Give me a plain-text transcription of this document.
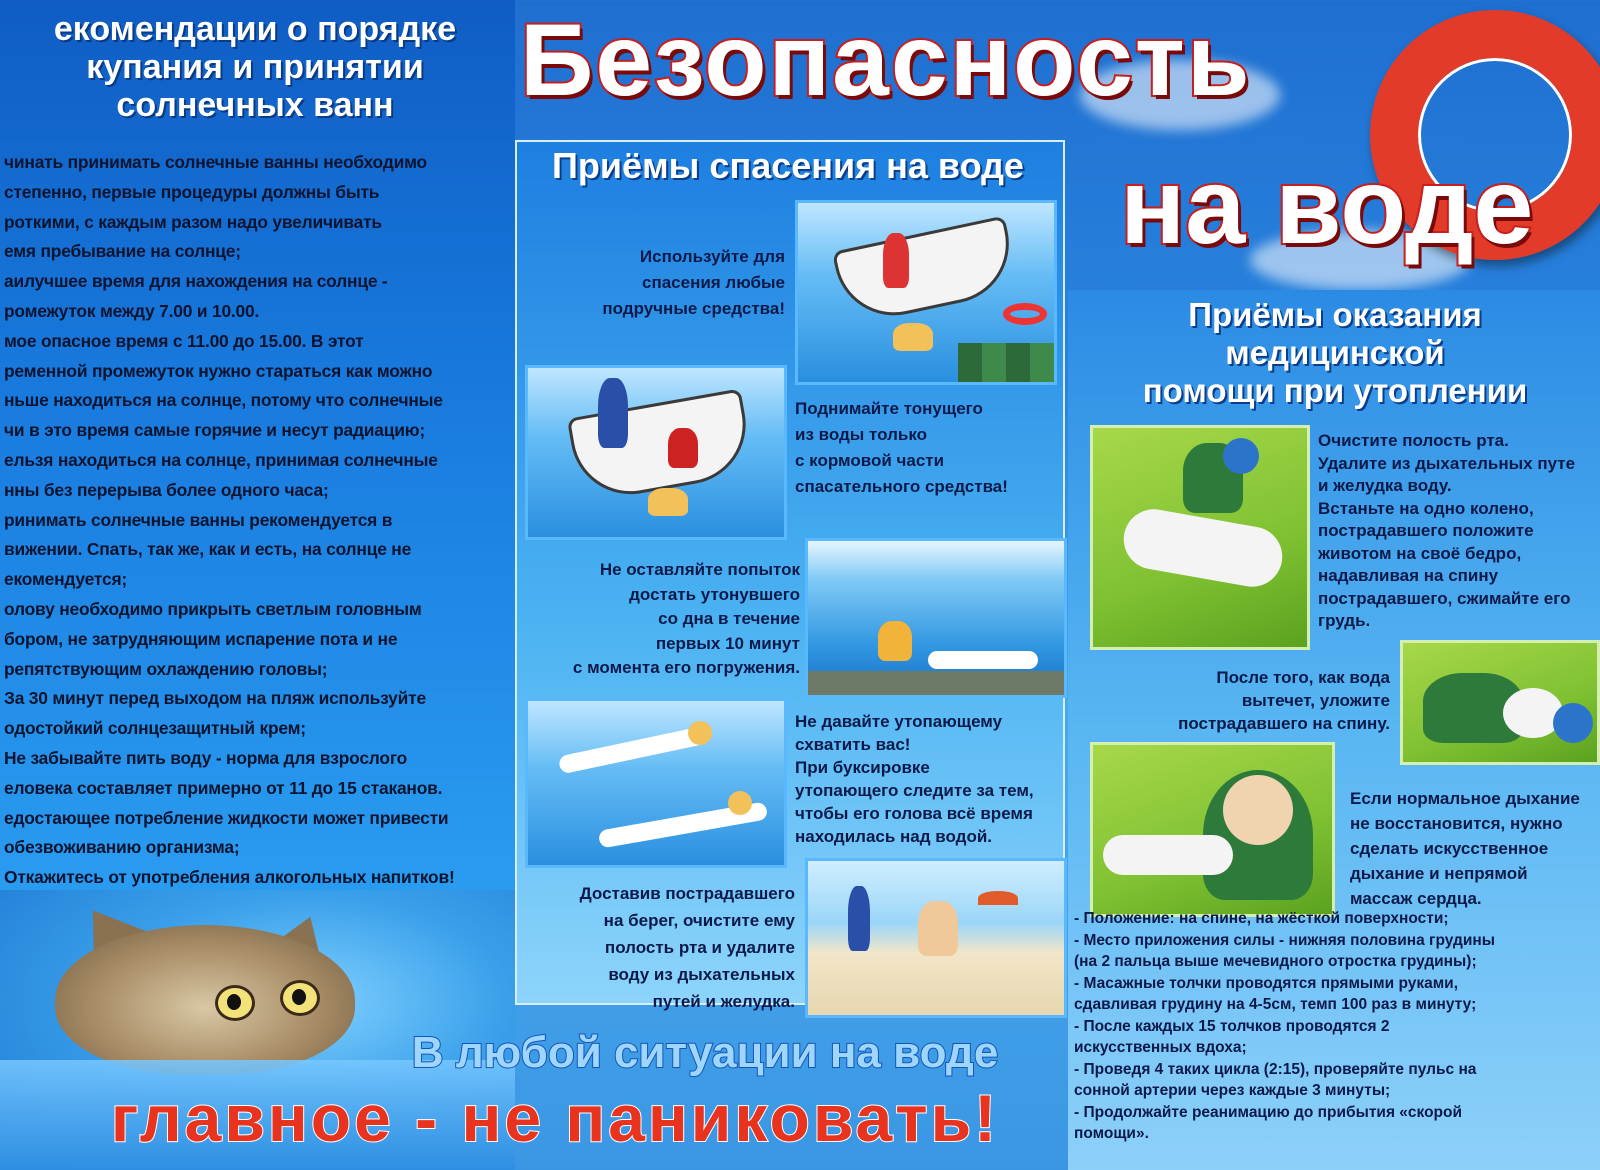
екомендации о порядке
купания и принятии
солнечных ванн
чинать принимать солнечные ванны необходимо
степенно, первые процедуры должны быть
роткими, с каждым разом надо увеличивать
емя пребывание на солнце;
аилучшее время для нахождения на солнце -
ромежуток между 7.00 и 10.00.
мое опасное время с 11.00 до 15.00. В этот
ременной промежуток нужно стараться как можно
ньше находиться на солнце, потому что солнечные
чи в это время самые горячие и несут радиацию;
ельзя находиться на солнце, принимая солнечные
нны без перерыва более одного часа;
ринимать солнечные ванны рекомендуется в
вижении. Спать, так же, как и есть, на солнце не
екомендуется;
олову необходимо прикрыть светлым головным
бором, не затрудняющим испарение пота и не
репятствующим охлаждению головы;
За 30 минут перед выходом на пляж используйте
одостойкий солнцезащитный крем;
Не забывайте пить воду - норма для взрослого
еловека составляет примерно от 11 до 15 стаканов.
едостающее потребление жидкости может привести
обезвоживанию организма;
Откажитесь от употребления алкогольных напитков!
Безопасность
на воде
Приёмы спасения на воде
Используйте для
спасения любые
подручные средства!
Поднимайте тонущего
из воды только
с кормовой части
спасательного средства!
Не оставляйте попыток
достать утонувшего
со дна в течение
первых 10 минут
с момента его погружения.
Не давайте утопающему
схватить вас!
При буксировке
утопающего следите за тем,
чтобы его голова всё время
находилась над водой.
Доставив пострадавшего
на берег, очистите ему
полость рта и удалите
воду из дыхательных
путей и желудка.
Приёмы оказания
медицинской
помощи при утоплении
Очистите полость рта.
Удалите из дыхательных путе
и желудка воду.
Встаньте на одно колено,
пострадавшего положите
животом на своё бедро,
надавливая на спину
пострадавшего, сжимайте его
грудь.
После того, как вода
вытечет, уложите
пострадавшего на спину.
Если нормальное дыхание
не восстановится, нужно
сделать искусственное
дыхание и непрямой
массаж сердца.
- Положение: на спине, на жёсткой поверхности;
- Место приложения силы - нижняя половина грудины
(на 2 пальца выше мечевидного отростка грудины);
- Масажные толчки проводятся прямыми руками,
сдавливая грудину на 4-5см, темп 100 раз в минуту;
- После каждых 15 толчков проводятся 2
искусственных вдоха;
- Проведя 4 таких цикла (2:15), проверяйте пульс на
сонной артерии через каждые 3 минуты;
- Продолжайте реанимацию до прибытия «скорой
помощи».
В любой ситуации на воде
главное - не паниковать!
